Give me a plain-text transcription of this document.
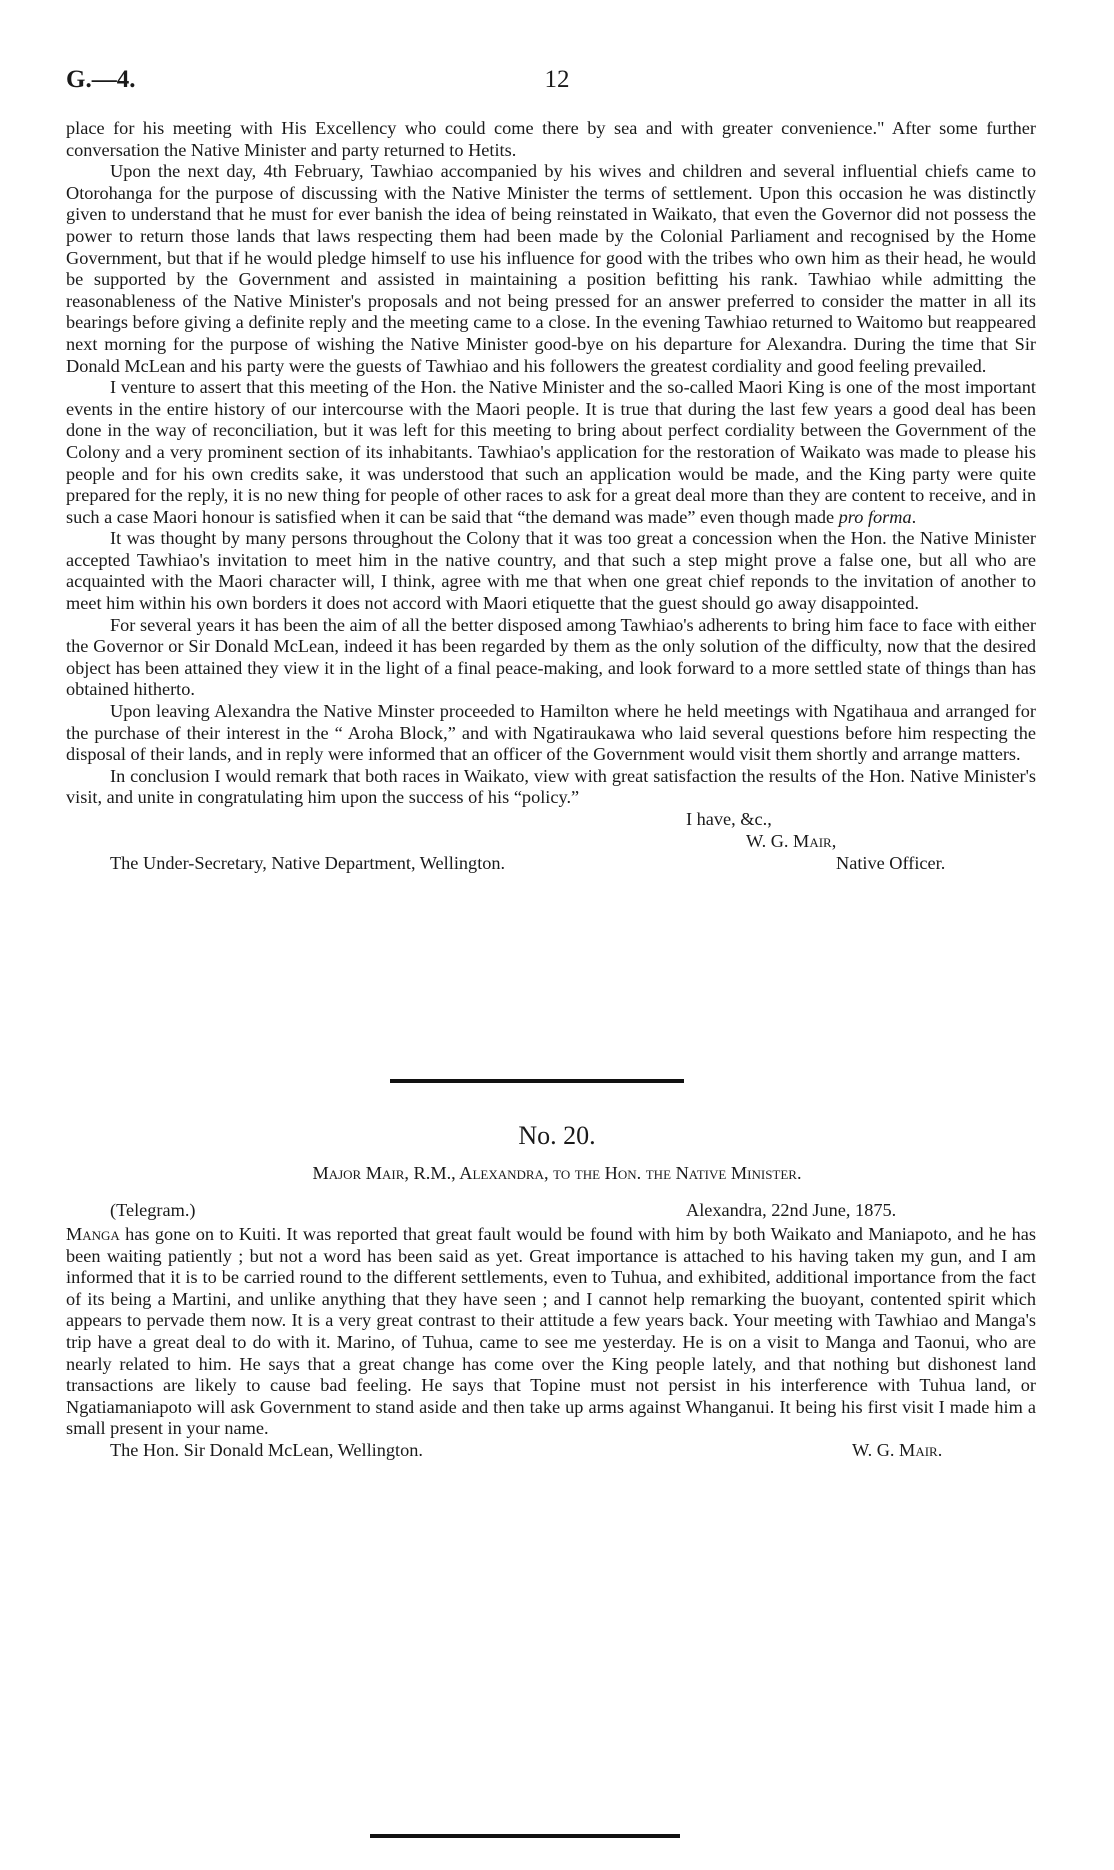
G.—4.	12

place for his meeting with His Excellency who could come there by sea and with greater convenience." After some further conversation the Native Minister and party returned to Hetits.

Upon the next day, 4th February, Tawhiao accompanied by his wives and children and several influential chiefs came to Otorohanga for the purpose of discussing with the Native Minister the terms of settlement. Upon this occasion he was distinctly given to understand that he must for ever banish the idea of being reinstated in Waikato, that even the Governor did not possess the power to return those lands that laws respecting them had been made by the Colonial Parliament and recognised by the Home Government, but that if he would pledge himself to use his influence for good with the tribes who own him as their head, he would be supported by the Government and assisted in maintaining a position befitting his rank. Tawhiao while admitting the reasonableness of the Native Minister's proposals and not being pressed for an answer preferred to consider the matter in all its bearings before giving a definite reply and the meeting came to a close. In the evening Tawhiao returned to Waitomo but reappeared next morning for the purpose of wishing the Native Minister good-bye on his departure for Alexandra. During the time that Sir Donald McLean and his party were the guests of Tawhiao and his followers the greatest cordiality and good feeling prevailed.

I venture to assert that this meeting of the Hon. the Native Minister and the so-called Maori King is one of the most important events in the entire history of our intercourse with the Maori people. It is true that during the last few years a good deal has been done in the way of reconciliation, but it was left for this meeting to bring about perfect cordiality between the Government of the Colony and a very prominent section of its inhabitants. Tawhiao's application for the restoration of Waikato was made to please his people and for his own credits sake, it was understood that such an application would be made, and the King party were quite prepared for the reply, it is no new thing for people of other races to ask for a great deal more than they are content to receive, and in such a case Maori honour is satisfied when it can be said that “the demand was made” even though made pro forma.

It was thought by many persons throughout the Colony that it was too great a concession when the Hon. the Native Minister accepted Tawhiao's invitation to meet him in the native country, and that such a step might prove a false one, but all who are acquainted with the Maori character will, I think, agree with me that when one great chief reponds to the invitation of another to meet him within his own borders it does not accord with Maori etiquette that the guest should go away disappointed.

For several years it has been the aim of all the better disposed among Tawhiao's adherents to bring him face to face with either the Governor or Sir Donald McLean, indeed it has been regarded by them as the only solution of the difficulty, now that the desired object has been attained they view it in the light of a final peace-making, and look forward to a more settled state of things than has obtained hitherto.

Upon leaving Alexandra the Native Minster proceeded to Hamilton where he held meetings with Ngatihaua and arranged for the purchase of their interest in the “ Aroha Block,” and with Ngatiraukawa who laid several questions before him respecting the disposal of their lands, and in reply were informed that an officer of the Government would visit them shortly and arrange matters.

In conclusion I would remark that both races in Waikato, view with great satisfaction the results of the Hon. Native Minister's visit, and unite in congratulating him upon the success of his “policy.”

I have, &c.,
W. G. Mair,
The Under-Secretary, Native Department, Wellington.	Native Officer.
No. 20.
Major Mair, R.M., Alexandra, to the Hon. the Native Minister.
(Telegram.)	Alexandra, 22nd June, 1875.

Manga has gone on to Kuiti. It was reported that great fault would be found with him by both Waikato and Maniapoto, and he has been waiting patiently ; but not a word has been said as yet. Great importance is attached to his having taken my gun, and I am informed that it is to be carried round to the different settlements, even to Tuhua, and exhibited, additional importance from the fact of its being a Martini, and unlike anything that they have seen ; and I cannot help remarking the buoyant, contented spirit which appears to pervade them now. It is a very great contrast to their attitude a few years back. Your meeting with Tawhiao and Manga's trip have a great deal to do with it. Marino, of Tuhua, came to see me yesterday. He is on a visit to Manga and Taonui, who are nearly related to him. He says that a great change has come over the King people lately, and that nothing but dishonest land transactions are likely to cause bad feeling. He says that Topine must not persist in his interference with Tuhua land, or Ngatiamaniapoto will ask Government to stand aside and then take up arms against Whanganui. It being his first visit I made him a small present in your name.

The Hon. Sir Donald McLean, Wellington.	W. G. Mair.
